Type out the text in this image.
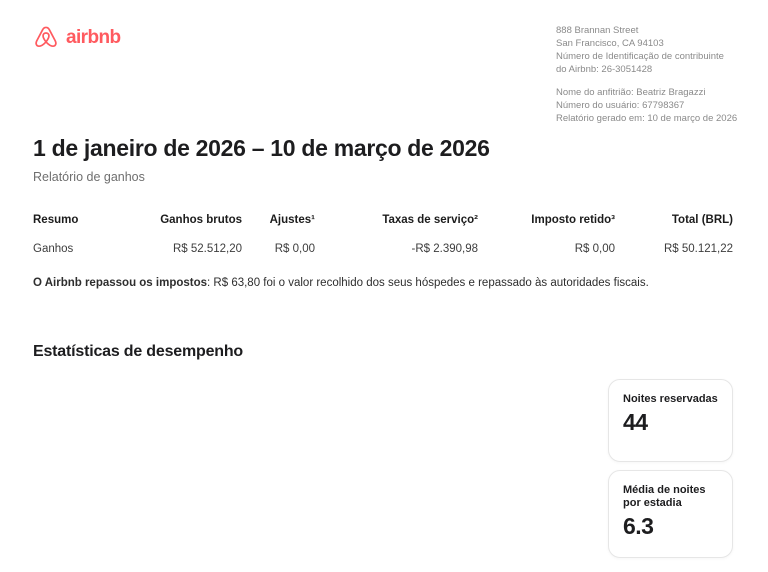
airbnb	888 Brannan Street
San Francisco, CA 94103
Número de Identificação de contribuinte
do Airbnb: 26-3051428
Nome do anfitrião: Beatriz Bragazzi
Número do usuário: 67798367
Relatório gerado em: 10 de março de 2026
1 de janeiro de 2026 – 10 de março de 2026
Relatório de ganhos
Resumo	Ganhos brutos	Ajustes¹	Taxas de serviço²	Imposto retido³	Total (BRL)
Ganhos	R$ 52.512,20	R$ 0,00	-R$ 2.390,98	R$ 0,00	R$ 50.121,22

O Airbnb repassou os impostos: R$ 63,80 foi o valor recolhido dos seus hóspedes e repassado às autoridades fiscais.

Estatísticas de desempenho
Noites reservadas
44
Média de noites por estadia
6.3
